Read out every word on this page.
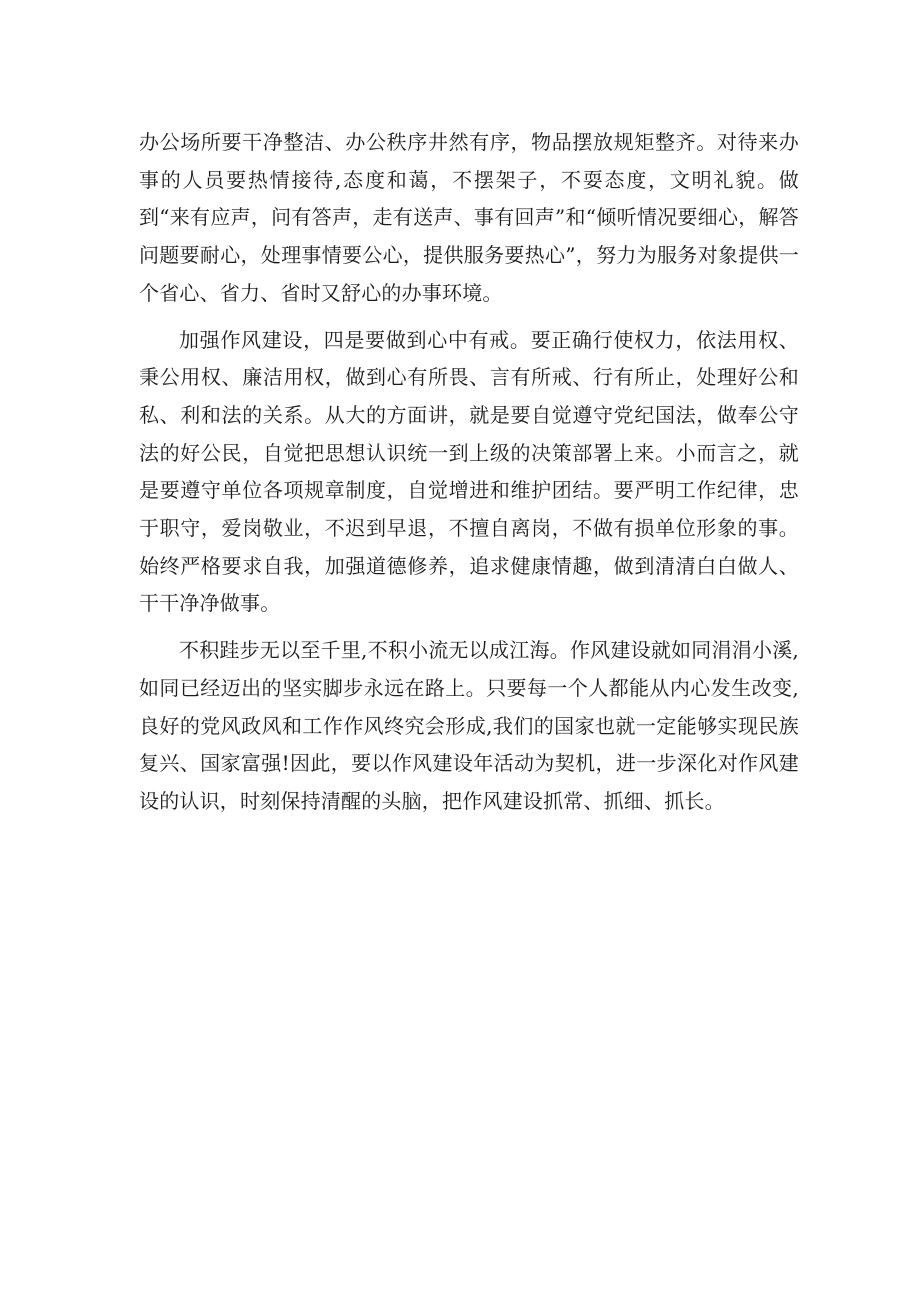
办公场所要干净整洁、办公秩序井然有序，物品摆放规矩整齐。对待来办事的人员要热情接待,态度和蔼，不摆架子，不耍态度，文明礼貌。做到“来有应声，问有答声，走有送声、事有回声”和“倾听情况要细心，解答问题要耐心，处理事情要公心，提供服务要热心”，努力为服务对象提供一个省心、省力、省时又舒心的办事环境。

加强作风建设，四是要做到心中有戒。要正确行使权力，依法用权、秉公用权、廉洁用权，做到心有所畏、言有所戒、行有所止，处理好公和私、利和法的关系。从大的方面讲，就是要自觉遵守党纪国法，做奉公守法的好公民，自觉把思想认识统一到上级的决策部署上来。小而言之，就是要遵守单位各项规章制度，自觉增进和维护团结。要严明工作纪律，忠于职守，爱岗敬业，不迟到早退，不擅自离岗，不做有损单位形象的事。始终严格要求自我，加强道德修养，追求健康情趣，做到清清白白做人、干干净净做事。

不积跬步无以至千里,不积小流无以成江海。作风建设就如同涓涓小溪,如同已经迈出的坚实脚步永远在路上。只要每一个人都能从内心发生改变,良好的党风政风和工作作风终究会形成,我们的国家也就一定能够实现民族复兴、国家富强!因此，要以作风建设年活动为契机，进一步深化对作风建设的认识，时刻保持清醒的头脑，把作风建设抓常、抓细、抓长。
